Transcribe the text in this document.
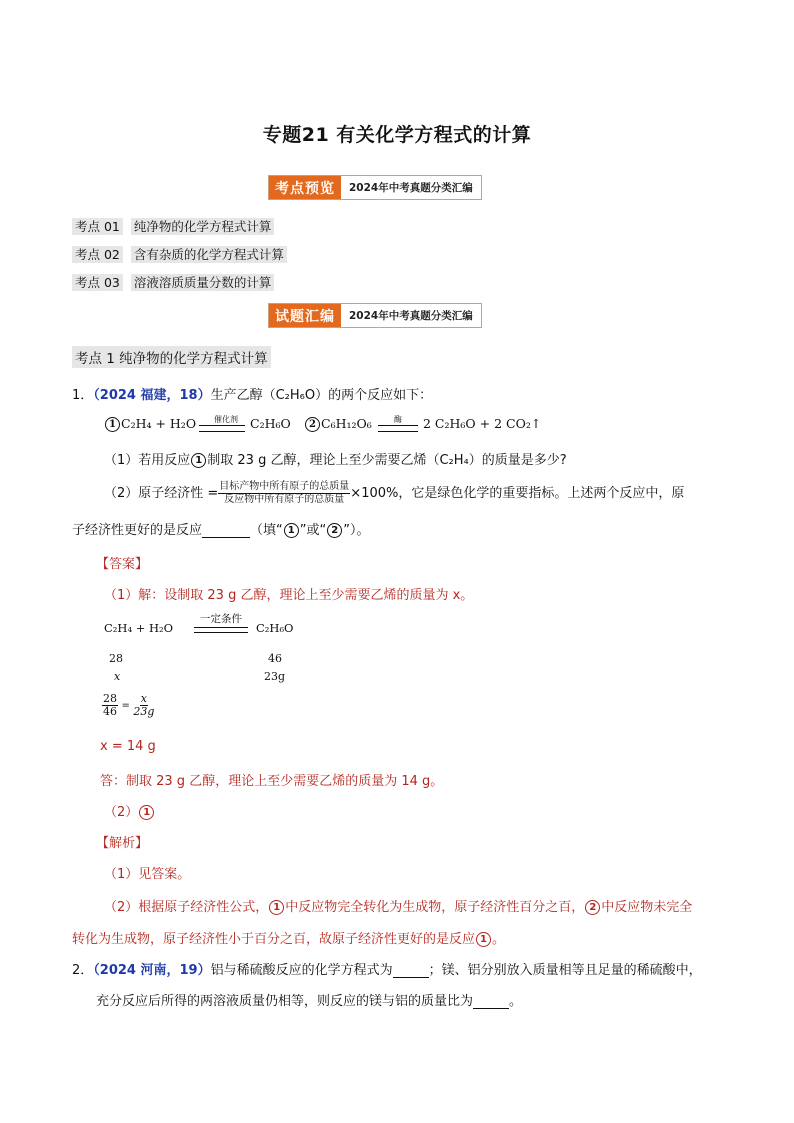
专题21 有关化学方程式的计算
考点预览	2024年中考真题分类汇编
考点 01 纯净物的化学方程式计算
考点 02 含有杂质的化学方程式计算
考点 03 溶液溶质质量分数的计算
试题汇编	2024年中考真题分类汇编
考点 1 纯净物的化学方程式计算
1．（2024 福建，18）生产乙醇（C₂H₆O）的两个反应如下：
1 C₂H₄ + H₂O	催化剂 C₂H₆O	2 C₆H₁₂O₆	酶	2 C₂H₆O + 2 CO₂↑
（1）若用反应 1 制取 23 g 乙醇，理论上至少需要乙烯（C₂H₄）的质量是多少?
（2）原子经济性 = $\frac{\text{目标产物中所有原子的总质量}}{\text{反应物中所有原子的总质量}} \times 100\%$，它是绿色化学的重要指标。上述两个反应中，原
子经济性更好的是反应	（填“ 1 ”或“ 2 ”）。
【答案】
（1）解：设制取 23 g 乙醇，理论上至少需要乙烯的质量为 x。
C₂H₄ + H₂O
一定条件
C₂H₆O
28	46
x	23g
$\frac{28}{46} = \frac{x}{23g}$
x = 14 g
答：制取 23 g 乙醇，理论上至少需要乙烯的质量为 14 g。
（2） 1
【解析】
（1）见答案。
（2）根据原子经济性公式， 1 中反应物完全转化为生成物，原子经济性百分之百， 2 中反应物未完全
转化为生成物，原子经济性小于百分之百，故原子经济性更好的是反应 1 。
2．（2024 河南，19）铝与稀硫酸反应的化学方程式为	；镁、铝分别放入质量相等且足量的稀硫酸中，
充分反应后所得的两溶液质量仍相等，则反应的镁与铝的质量比为	。
